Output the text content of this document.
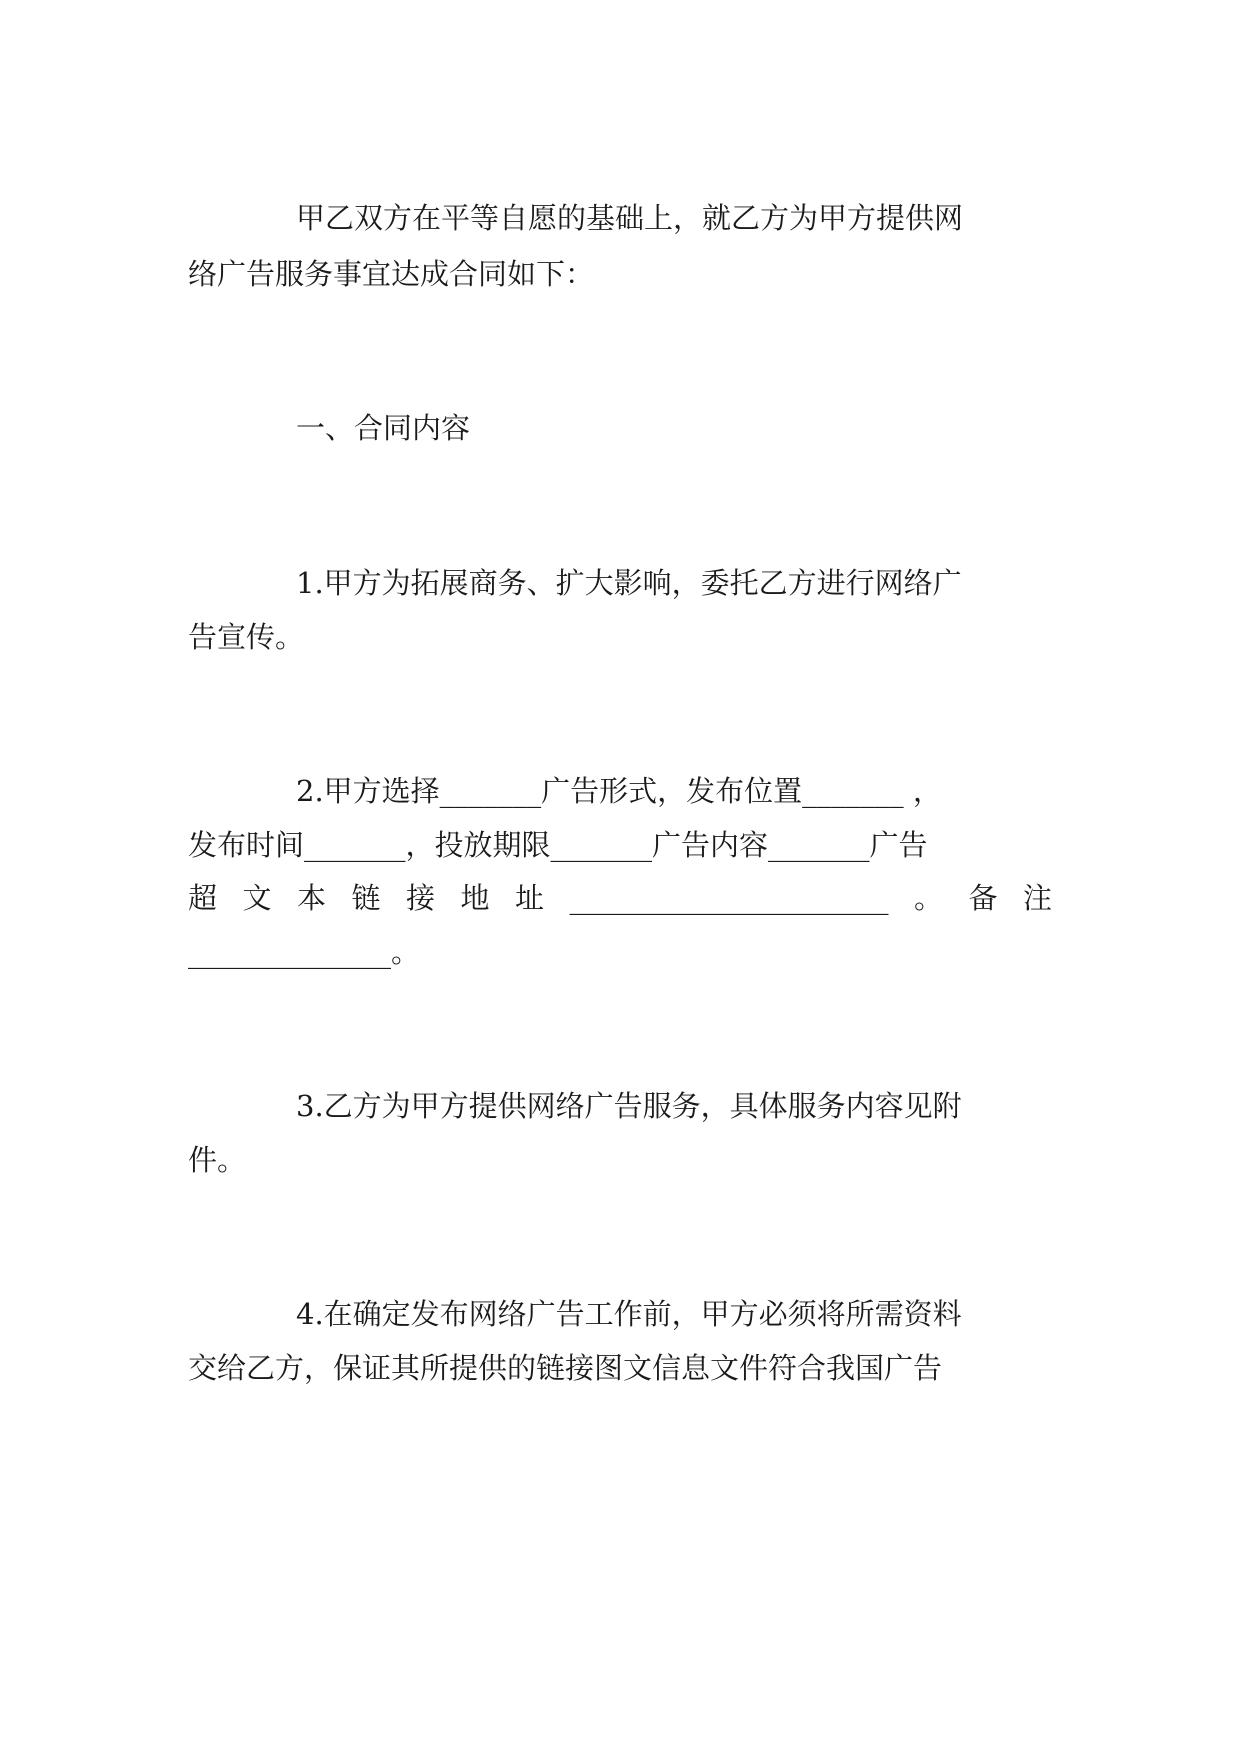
甲乙双方在平等自愿的基础上，就乙方为甲方提供网
络广告服务事宜达成合同如下：
一、合同内容
1.甲方为拓展商务、扩大影响，委托乙方进行网络广
告宣传。
2.甲方选择_______广告形式，发布位置_______ ，
发布时间_______，投放期限_______广告内容_______广告
超 文 本 链 接 地 址 ______________________ 。 备 注
______________。
3.乙方为甲方提供网络广告服务，具体服务内容见附
件。
4.在确定发布网络广告工作前，甲方必须将所需资料
交给乙方，保证其所提供的链接图文信息文件符合我国广告
